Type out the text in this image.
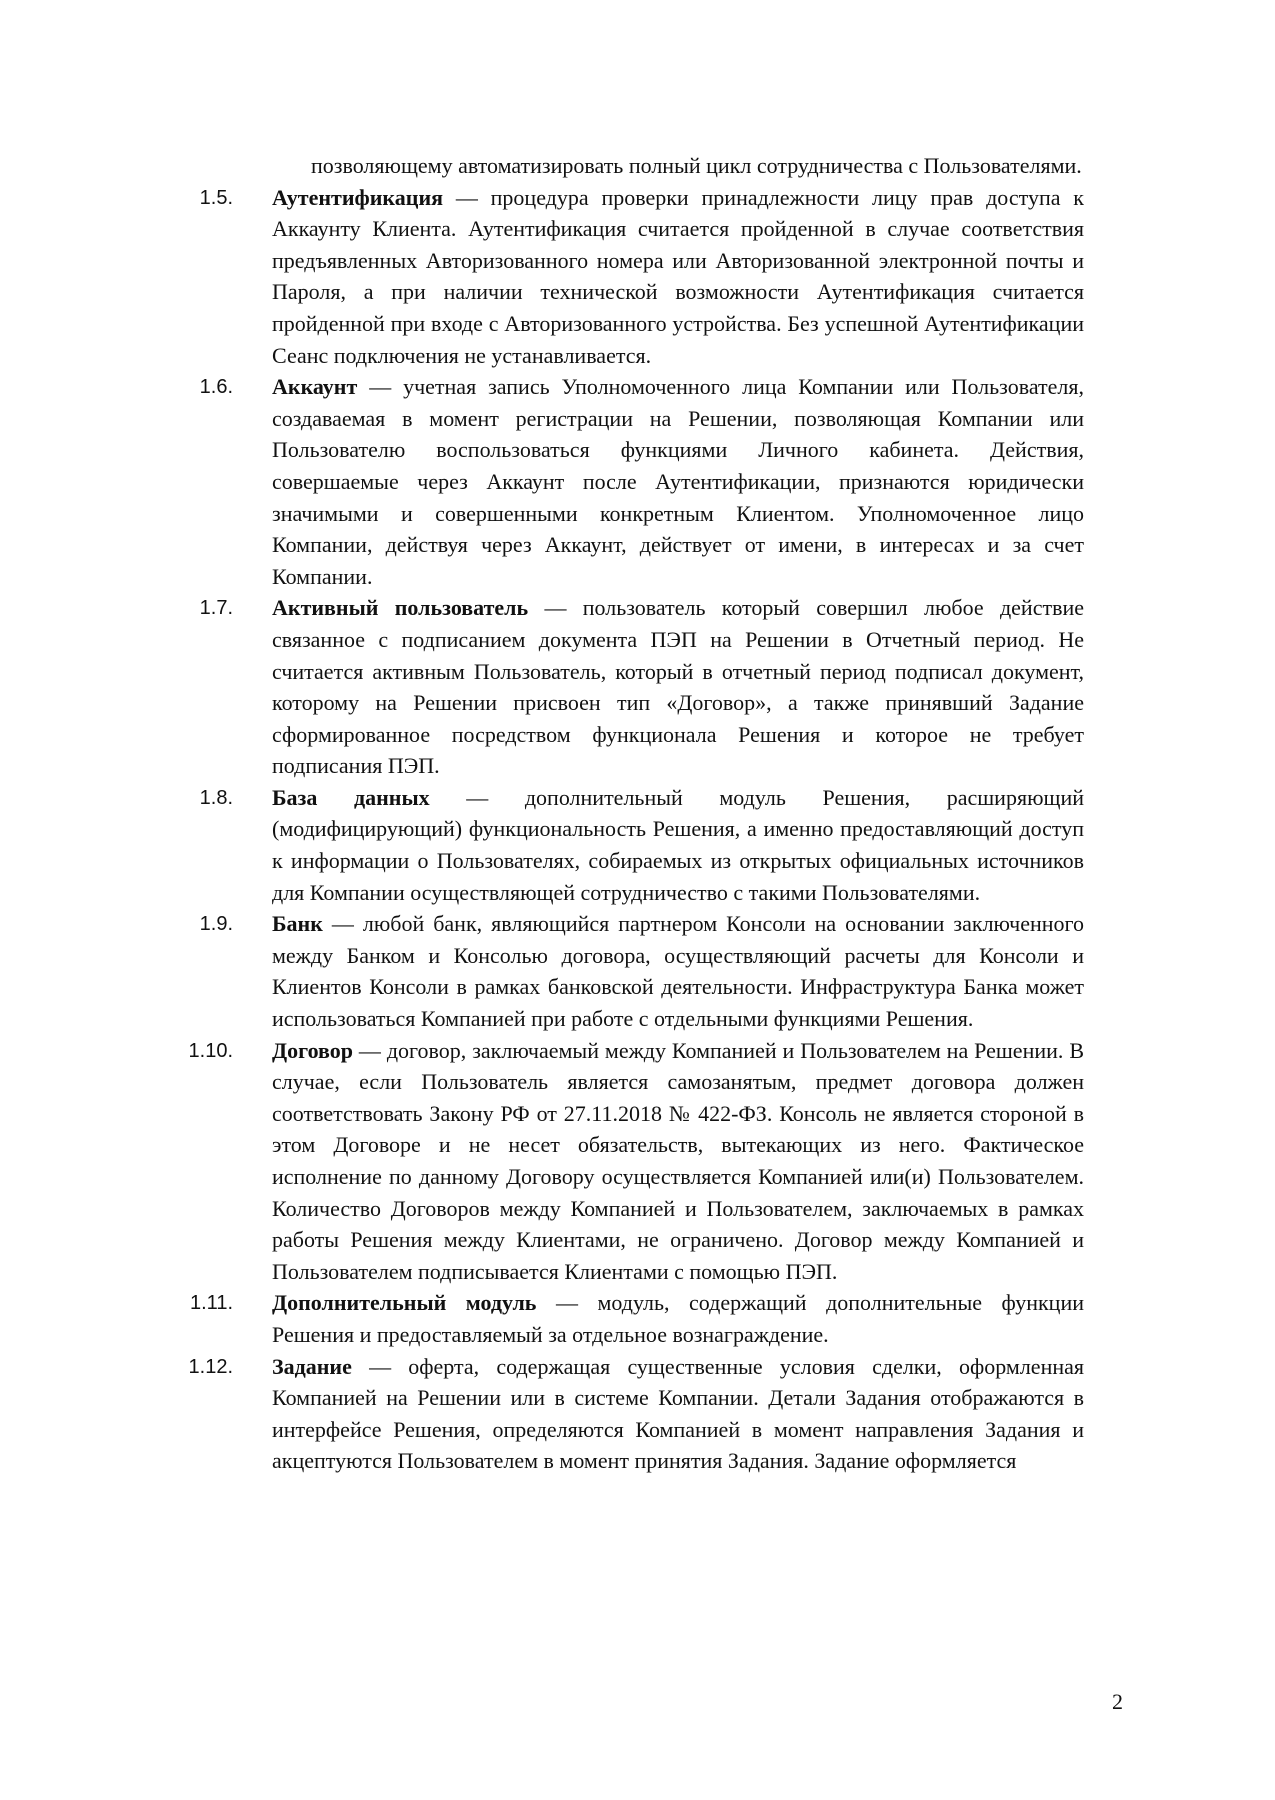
позволяющему автоматизировать полный цикл сотрудничества с Пользователями.
1.5.	Аутентификация — процедура проверки принадлежности лицу прав доступа к Аккаунту Клиента. Аутентификация считается пройденной в случае соответствия предъявленных Авторизованного номера или Авторизованной электронной почты и Пароля, а при наличии технической возможности Аутентификация считается пройденной при входе с Авторизованного устройства. Без успешной Аутентификации Сеанс подключения не устанавливается.
1.6.	Аккаунт — учетная запись Уполномоченного лица Компании или Пользователя, создаваемая в момент регистрации на Решении, позволяющая Компании или Пользователю воспользоваться функциями Личного кабинета. Действия, совершаемые через Аккаунт после Аутентификации, признаются юридически значимыми и совершенными конкретным Клиентом. Уполномоченное лицо Компании, действуя через Аккаунт, действует от имени, в интересах и за счет Компании.
1.7.	Активный пользователь — пользователь который совершил любое действие связанное с подписанием документа ПЭП на Решении в Отчетный период. Не считается активным Пользователь, который в отчетный период подписал документ, которому на Решении присвоен тип «Договор», а также принявший Задание сформированное посредством функционала Решения и которое не требует подписания ПЭП.
1.8.	База данных — дополнительный модуль Решения, расширяющий (модифицирующий) функциональность Решения, а именно предоставляющий доступ к информации о Пользователях, собираемых из открытых официальных источников для Компании осуществляющей сотрудничество с такими Пользователями.
1.9.	Банк — любой банк, являющийся партнером Консоли на основании заключенного между Банком и Консолью договора, осуществляющий расчеты для Консоли и Клиентов Консоли в рамках банковской деятельности. Инфраструктура Банка может использоваться Компанией при работе с отдельными функциями Решения.
1.10.	Договор — договор, заключаемый между Компанией и Пользователем на Решении. В случае, если Пользователь является самозанятым, предмет договора должен соответствовать Закону РФ от 27.11.2018 № 422-ФЗ. Консоль не является стороной в этом Договоре и не несет обязательств, вытекающих из него. Фактическое исполнение по данному Договору осуществляется Компанией или(и) Пользователем. Количество Договоров между Компанией и Пользователем, заключаемых в рамках работы Решения между Клиентами, не ограничено. Договор между Компанией и Пользователем подписывается Клиентами с помощью ПЭП.
1.11.	Дополнительный модуль — модуль, содержащий дополнительные функции Решения и предоставляемый за отдельное вознаграждение.
1.12.	Задание — оферта, содержащая существенные условия сделки, оформленная Компанией на Решении или в системе Компании. Детали Задания отображаются в интерфейсе Решения, определяются Компанией в момент направления Задания и акцептуются Пользователем в момент принятия Задания. Задание оформляется
2
